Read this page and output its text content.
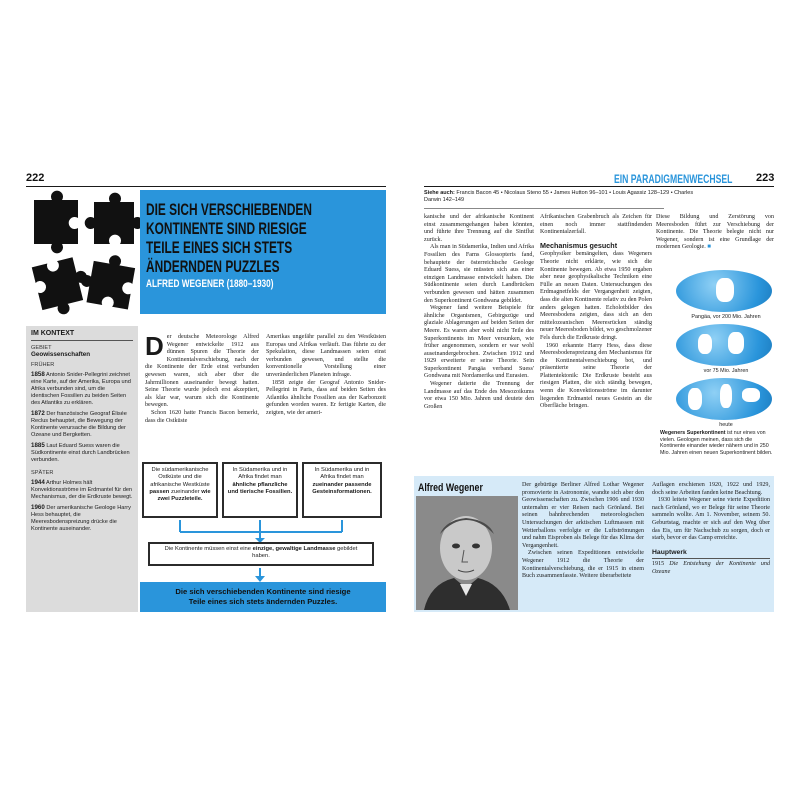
222
DIE SICH VERSCHIEBENDEN
KONTINENTE SIND RIESIGE
TEILE EINES SICH STETS
ÄNDERNDEN PUZZLES
ALFRED WEGENER (1880–1930)
IM KONTEXT
GEBIET
Geowissenschaften
FRÜHER
1858 Antonio Snider-Pellegrini zeichnet eine Karte, auf der Amerika, Europa und Afrika verbunden sind, um die identischen Fossilien zu beiden Seiten des Atlantiks zu erklären.
1872 Der französische Geograf Élisée Reclus behauptet, die Bewegung der Kontinente verursache die Bildung der Ozeane und Bergketten.
1885 Laut Eduard Suess waren die Südkontinente einst durch Landbrücken verbunden.
SPÄTER
1944 Arthur Holmes hält Konvektionsströme im Erdmantel für den Mechanismus, der die Erdkruste bewegt.
1960 Der amerikanische Geologe Harry Hess behauptet, die Meeresbodenspreizung drücke die Kontinente auseinander.
D er deutsche Meteorologe Alfred Wegener entwickelte 1912 aus dünnen Spuren die Theorie der Kontinentalverschiebung, nach der die Kontinente der Erde einst verbunden gewesen waren, sich aber über die Jahrmillionen auseinander bewegt hatten. Seine Theorie wurde jedoch erst akzeptiert, als klar war, warum sich die Kontinente bewegen.

Schon 1620 hatte Francis Bacon bemerkt, dass die Ostküste

Amerikas ungefähr parallel zu den Westküsten Europas und Afrikas verläuft. Das führte zu der Spekulation, diese Landmassen seien einst verbunden gewesen, und stellte die konventionelle Vorstellung einer unveränderlichen Planeten infrage.

1858 zeigte der Geograf Antonio Snider-Pellegrini in Paris, dass auf beiden Seiten des Atlantiks ähnliche Fossilien aus der Karbonzeit gefunden worden waren. Er fertigte Karten, die zeigten, wie der ameri-

Die südamerikanische Ostküste und die afrikanische Westküste passen zueinander wie zwei Puzzleteile.
In Südamerika und in Afrika findet man ähnliche pflanzliche und tierische Fossilien.
In Südamerika und in Afrika findet man zueinander passende Gesteinsformationen.
Die Kontinente müssen einst eine einzige, gewaltige Landmasse gebildet haben.
Die sich verschiebenden Kontinente sind riesige
Teile eines sich stets ändernden Puzzles.
EIN PARADIGMENWECHSEL	223
Siehe auch: Francis Bacon 45 • Nicolaus Steno 55 • James Hutton 96–101 • Louis Agassiz 128–129 • Charles Darwin 142–149

kanische und der afrikanische Kontinent einst zusammengehangen haben könnten, und führte ihre Trennung auf die Sintflut zurück.

Als man in Südamerika, Indien und Afrika Fossilien des Farns Glossopteris fand, behauptete der österreichische Geologe Eduard Suess, sie müssten sich aus einer einzigen Landmasse entwickelt haben. Die Südkontinente seien durch Landbrücken verbunden gewesen und hätten zusammen den Superkontinent Gondwana gebildet.

Wegener fand weitere Beispiele für ähnliche Organismen, Gebirgszüge und glaziale Ablagerungen auf beiden Seiten der Meere. Es waren aber wohl nicht Teile des Superkontinents im Meer versunken, wie früher angenommen, sondern er war wohl auseinandergebrochen. Zwischen 1912 und 1929 erweiterte er seine Theorie. Sein Superkontinent Pangäa verband Suess' Gondwana mit Nordamerika und Eurasien.

Wegener datierte die Trennung der Landmasse auf das Ende des Mesozoikums vor etwa 150 Mio. Jahren und deutete den Großen

Afrikanischen Grabenbruch als Zeichen für einen noch immer stattfindenden Kontinentalzerfall.

Mechanismus gesucht

Geophysiker bemängelten, dass Wegeners Theorie nicht erklärte, wie sich die Kontinente bewegen. Ab etwa 1950 ergaben aber neue geophysikalische Techniken eine Fülle an neuen Daten. Untersuchungen des Erdmagnetfelds der Vergangenheit zeigten, dass die alten Kontinente relativ zu den Polen anders gelegen hatten. Echolotbilder des Meeresbodens zeigten, dass sich an den mittelozeanischen Meeresrücken ständig neuer Meeresboden bildet, wo geschmolzener Fels durch die Erdkruste dringt.

1960 erkannte Harry Hess, dass diese Meeresbodenspreizung den Mechanismus für die Kontinentalverschiebung bot, und präsentierte seine Theorie der Plattentektonik: Die Erdkruste besteht aus riesigen Platten, die sich ständig bewegen, wenn die Konvektionsströme im darunter liegenden Erdmantel neues Gestein an die Oberfläche bringen.

Diese Bildung und Zerstörung von Meeresboden führt zur Verschiebung der Kontinente. Die Theorie belegte nicht nur Wegener, sondern ist eine Grundlage der modernen Geologie. ■

Pangäa, vor 200 Mio. Jahren
vor 75 Mio. Jahren
heute
Wegeners Superkontinent ist nur eines von vielen. Geologen meinen, dass sich die Kontinente einander wieder nähern und in 250 Mio. Jahren einen neuen Superkontinent bilden.
Alfred Wegener	Der gebürtige Berliner Alfred Lothar Wegener promovierte in Astronomie, wandte sich aber den Geowissenschaften zu. Zwischen 1906 und 1930 unternahm er vier Reisen nach Grönland. Bei seinen bahnbrechenden meteorologischen Untersuchungen der arktischen Luftmassen mit Wetterballons verfolgte er die Luftströmungen und nahm Eisproben als Belege für das Klima der Vergangenheit.

Zwischen seinen Expeditionen entwickelte Wegener 1912 die Theorie der Kontinentalverschiebung, die er 1915 in einem Buch zusammenfasste. Weitere überarbeitete

Auflagen erschienen 1920, 1922 und 1929, doch seine Arbeiten fanden keine Beachtung.

1930 leitete Wegener seine vierte Expedition nach Grönland, wo er Belege für seine Theorie sammeln wollte. Am 1. November, seinem 50. Geburtstag, machte er sich auf den Weg über das Eis, um für Nachschub zu sorgen, doch er starb, bevor er das Camp erreichte.

Hauptwerk

1915 Die Entstehung der Kontinente und Ozeane
